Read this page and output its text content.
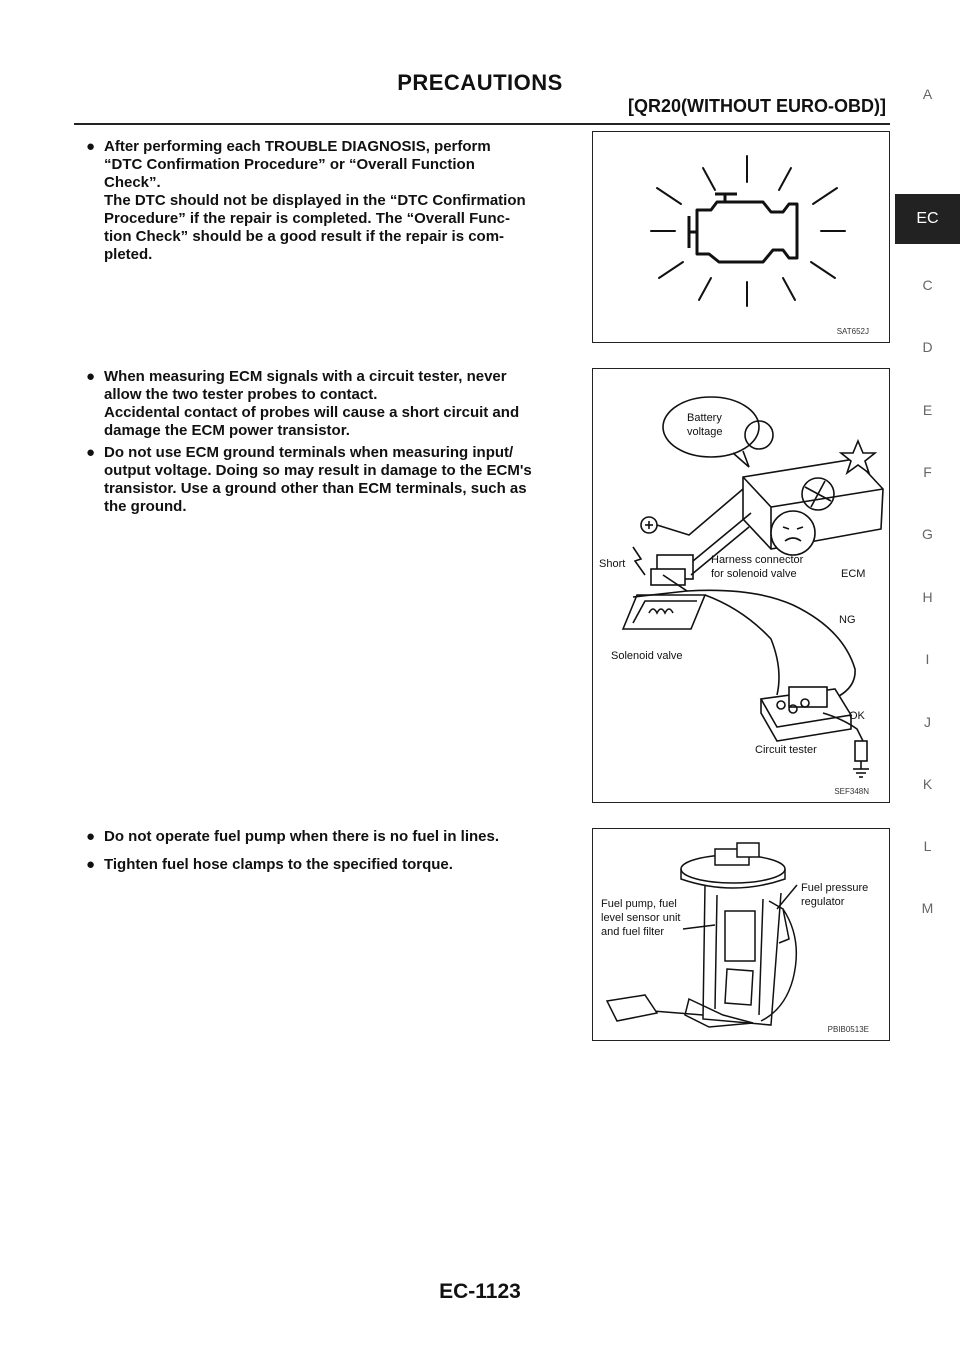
PRECAUTIONS
[QR20(WITHOUT EURO-OBD)]
A
EC
C
D
E
F
G
H
I
J
K
L
M
● After performing each TROUBLE DIAGNOSIS, perform
“DTC Confirmation Procedure” or “Overall Function
Check”.
The DTC should not be displayed in the “DTC Confirmation
Procedure” if the repair is completed. The “Overall Func-
tion Check” should be a good result if the repair is com-
pleted.
SAT652J
● When measuring ECM signals with a circuit tester, never
allow the two tester probes to contact.
Accidental contact of probes will cause a short circuit and
damage the ECM power transistor.
● Do not use ECM ground terminals when measuring input/
output voltage. Doing so may result in damage to the ECM's
transistor. Use a ground other than ECM terminals, such as
the ground.
Battery
voltage
Short	Harness connector
for solenoid valve	ECM
NG
Solenoid valve
OK
Circuit tester
SEF348N
● Do not operate fuel pump when there is no fuel in lines.
● Tighten fuel hose clamps to the specified torque.
Fuel pump, fuel
level sensor unit
and fuel filter
Fuel pressure
regulator
PBIB0513E
EC-1123
